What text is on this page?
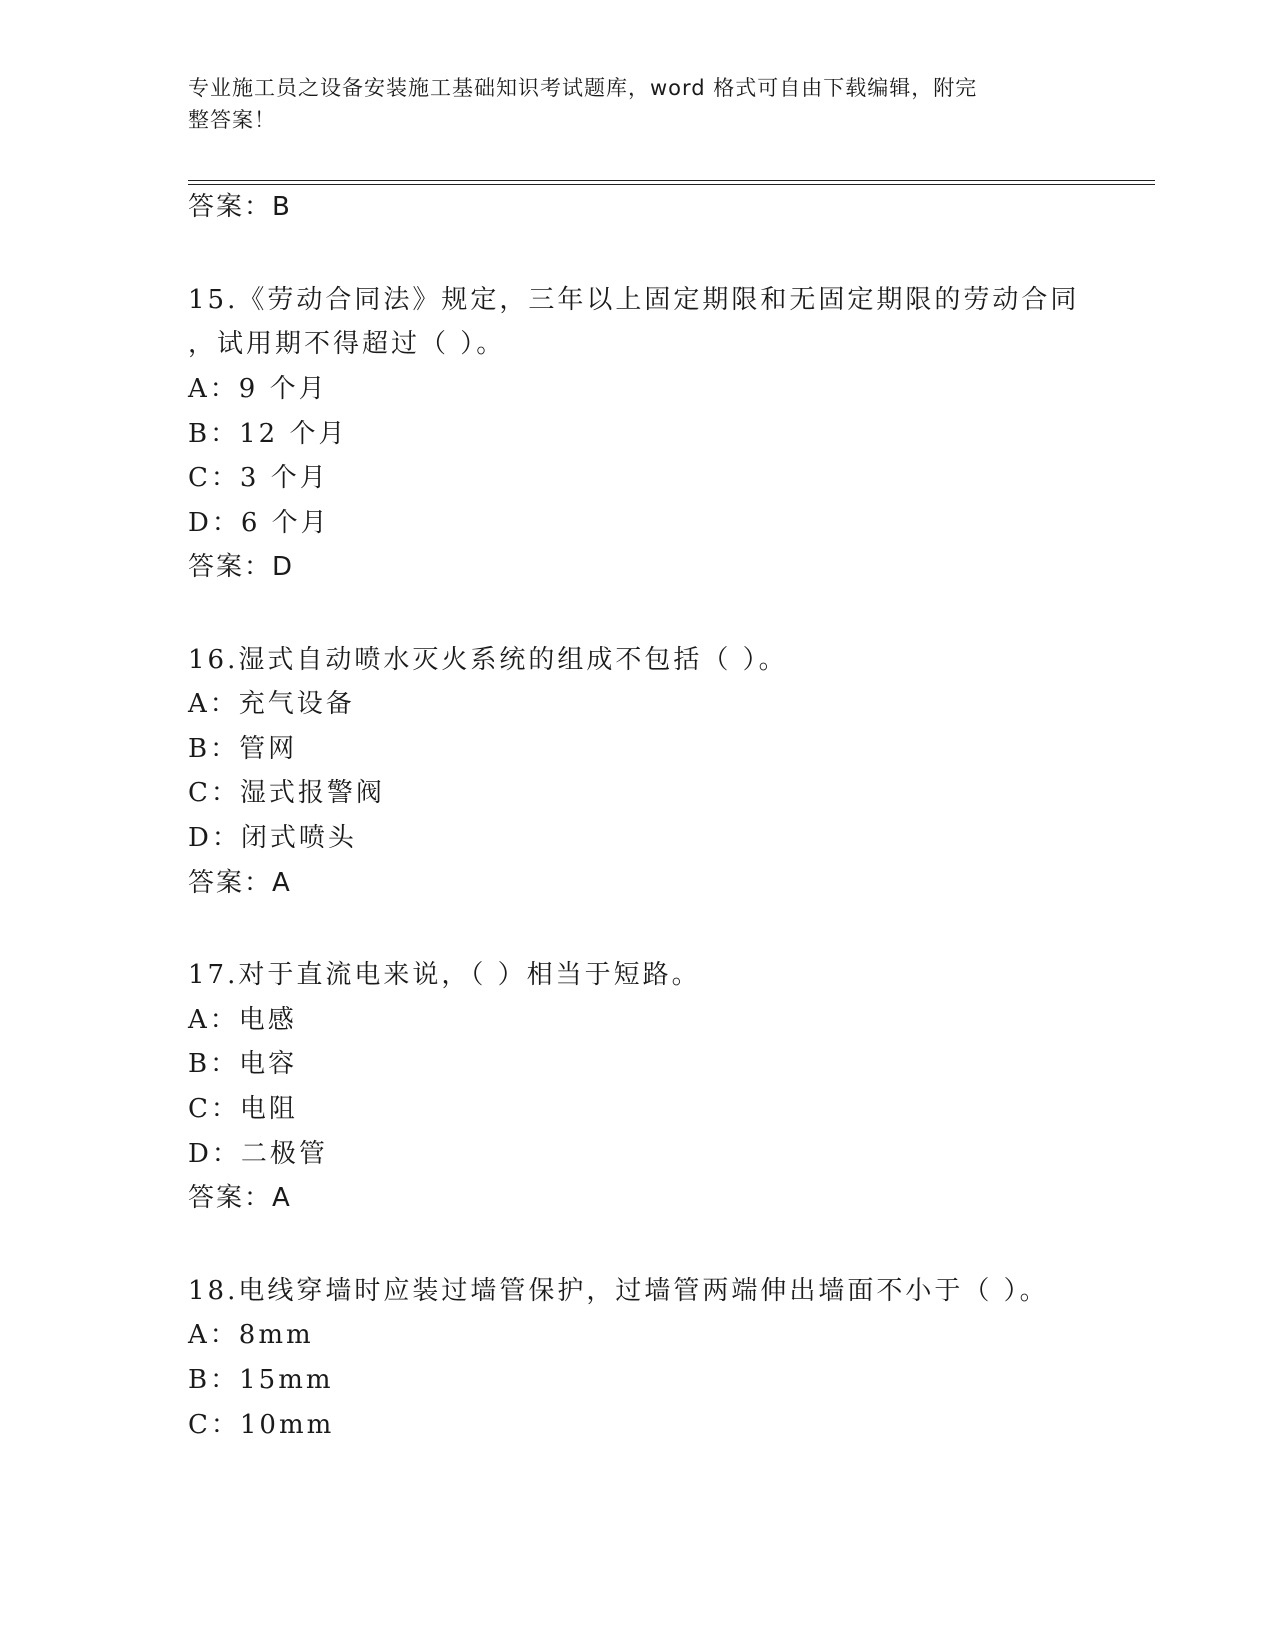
专业施工员之设备安装施工基础知识考试题库，word 格式可自由下载编辑，附完
整答案！
答案：B
15.《劳动合同法》规定，三年以上固定期限和无固定期限的劳动合同
，试用期不得超过（ ）。
A：9 个月
B：12 个月
C：3 个月
D：6 个月
答案：D
16.湿式自动喷水灭火系统的组成不包括（ ）。
A：充气设备
B：管网
C：湿式报警阀
D：闭式喷头
答案：A
17.对于直流电来说，（ ）相当于短路。
A：电感
B：电容
C：电阻
D：二极管
答案：A
18.电线穿墙时应装过墙管保护，过墙管两端伸出墙面不小于（ ）。
A：8mm
B：15mm
C：10mm
